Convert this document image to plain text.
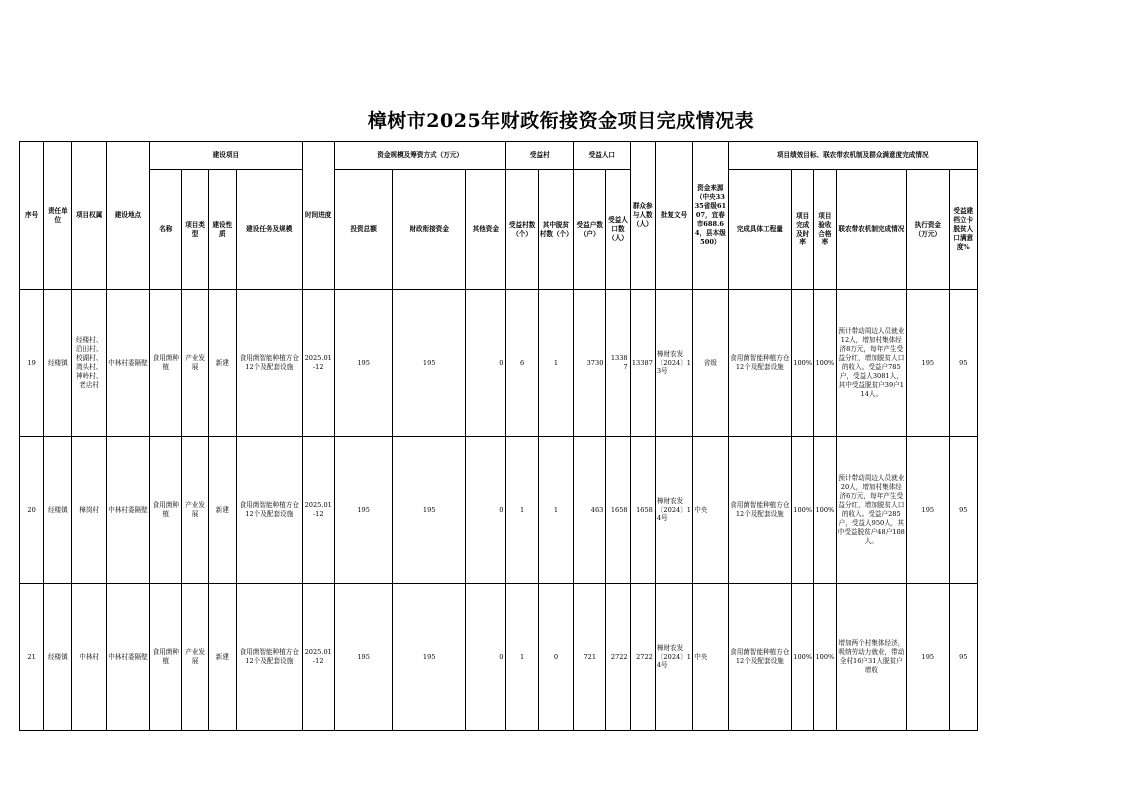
樟树市2025年财政衔接资金项目完成情况表
序号	责任单位	项目权属	建设地点	建设项目				时间进度	资金规模及筹资方式（万元）			受益村		受益人口		群众参与人数（人）	批复文号	资金来源（中央3335省级6107，宜春市688.64，县本级500）	项目绩效目标、联农带农机制及群众满意度完成情况					
				名称	项目类型	建设性质	建设任务及规模		投资总额	财政衔接资金	其他资金	受益村数（个）	其中脱贫村数（个）	受益户数（户）	受益人口数（人）				完成具体工程量	项目完成及时率	项目验收合格率	联农带农机制完成情况	执行资金（万元）	受益建档立卡脱贫人口满意度%
19	经楼镇	经楼村、沿田村、校湖村、湾头村、神岭村、老店村	中林村委隔壁	食用菌种植	产业发展	新建	食用菌智能种植方仓12个及配套设施	2025.01-12	195	195	0	6	1	3730	13387	13387	樟财农发〔2024〕13号	省级	食用菌智能种植方仓12个及配套设施	100%	100%	预计带动周边人员就业12人，增加村集体经济8万元，每年产生受益分红，增加脱贫人口的收入。受益户785户，受益人3081人，其中受益脱贫户39户114人。	195	95
20	经楼镇	樟岗村	中林村委隔壁	食用菌种植	产业发展	新建	食用菌智能种植方仓12个及配套设施	2025.01-12	195	195	0	1	1	463	1658	1658	樟财农发〔2024〕14号	中央	食用菌智能种植方仓12个及配套设施	100%	100%	预计带动周边人员就业20人，增加村集体经济6万元，每年产生受益分红，增加脱贫人口的收入。受益户285户，受益人950人，其中受益脱贫户48户108人。	195	95
21	经楼镇	中林村	中林村委隔壁	食用菌种植	产业发展	新建	食用菌智能种植方仓12个及配套设施	2025.01-12	195	195	0	1	0	721	2722	2722	樟财农发〔2024〕14号	中央	食用菌智能种植方仓12个及配套设施	100%	100%	增加两个村集体经济，吸纳劳动力就业，带动全村16户31人脱贫户增收	195	95
